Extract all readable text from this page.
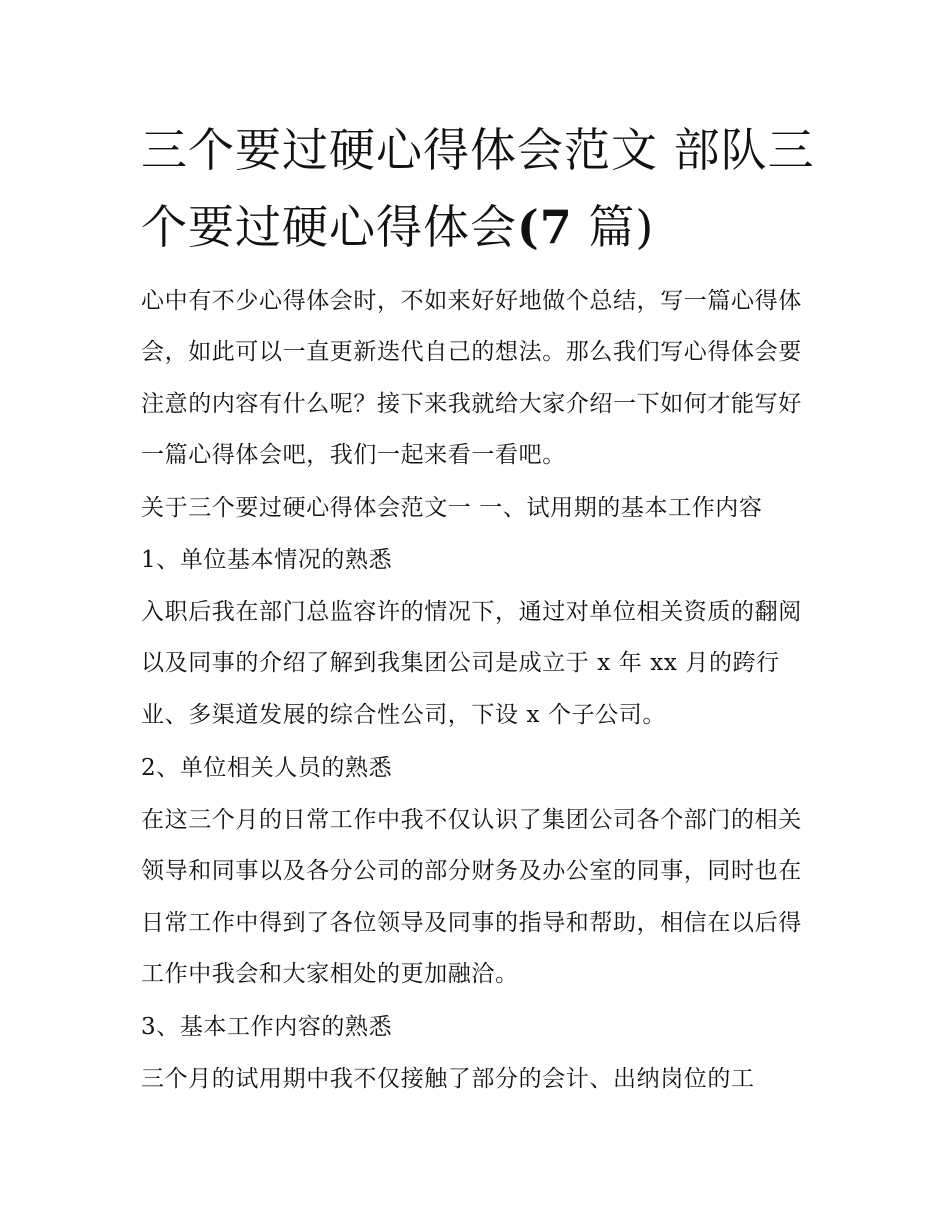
三个要过硬心得体会范文 部队三个要过硬心得体会(7 篇)

心中有不少心得体会时，不如来好好地做个总结，写一篇心得体会，如此可以一直更新迭代自己的想法。那么我们写心得体会要注意的内容有什么呢？接下来我就给大家介绍一下如何才能写好一篇心得体会吧，我们一起来看一看吧。

关于三个要过硬心得体会范文一 一、试用期的基本工作内容

1、单位基本情况的熟悉

入职后我在部门总监容许的情况下，通过对单位相关资质的翻阅以及同事的介绍了解到我集团公司是成立于 x 年 xx 月的跨行业、多渠道发展的综合性公司，下设 x 个子公司。

2、单位相关人员的熟悉

在这三个月的日常工作中我不仅认识了集团公司各个部门的相关领导和同事以及各分公司的部分财务及办公室的同事，同时也在日常工作中得到了各位领导及同事的指导和帮助，相信在以后得工作中我会和大家相处的更加融洽。

3、基本工作内容的熟悉

三个月的试用期中我不仅接触了部分的会计、出纳岗位的工
